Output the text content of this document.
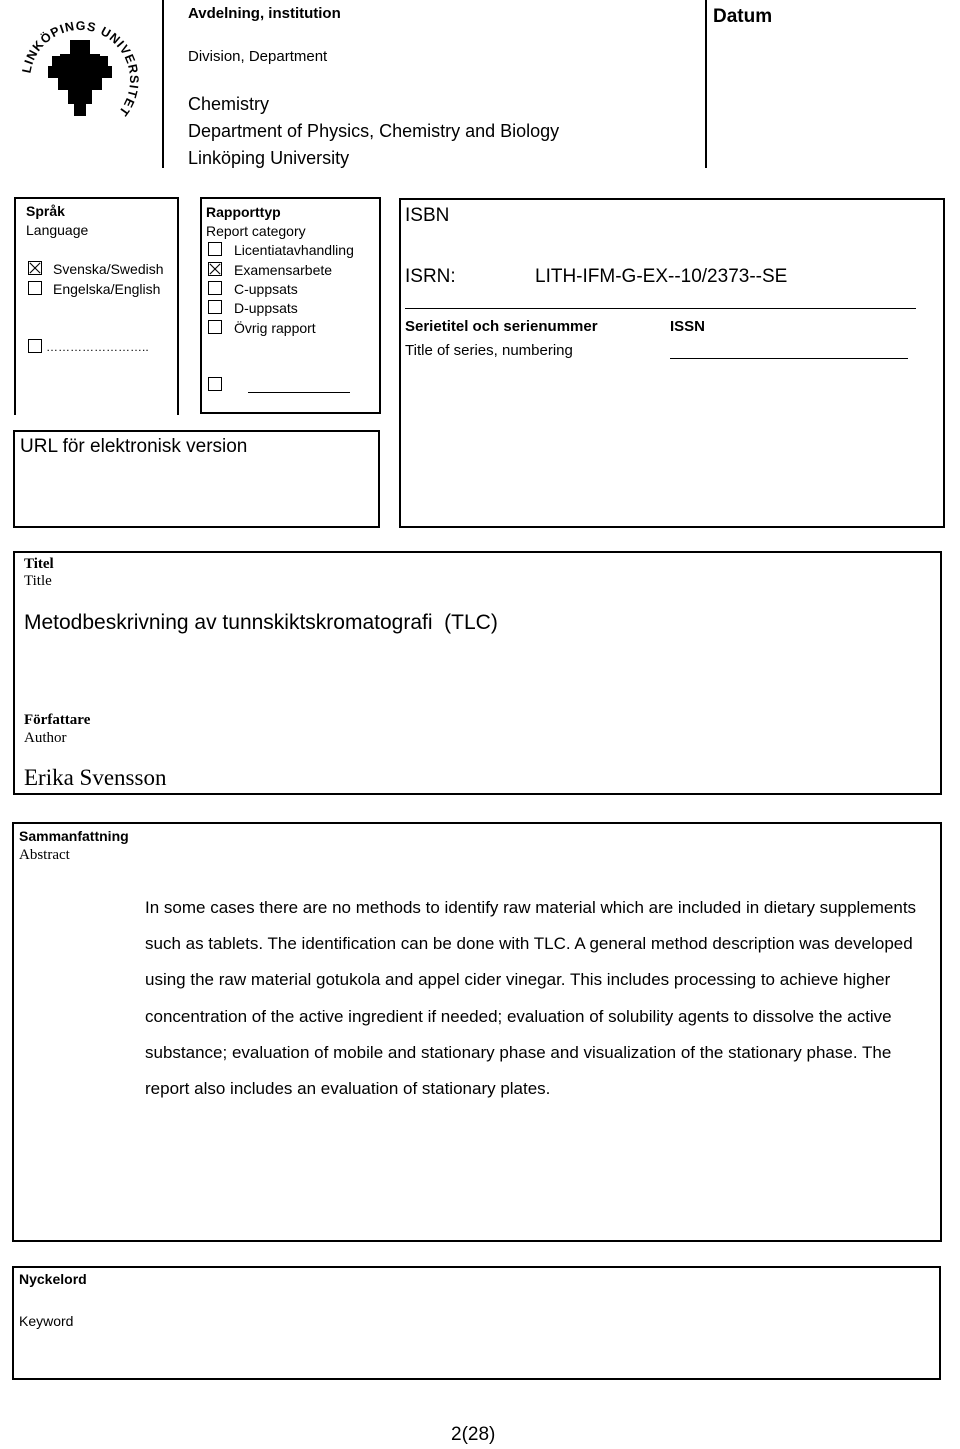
LINKÖPINGS UNIVERSITET
Avdelning, institution
Division, Department
Chemistry
Department of Physics, Chemistry and Biology
Linköping University
Datum
Språk
Language
Svenska/Swedish
Engelska/English
……………………..
Rapporttyp
Report category
Licentiatavhandling
Examensarbete
C-uppsats
D-uppsats
Övrig rapport
ISBN
ISRN:	LITH-IFM-G-EX--10/2373--SE
Serietitel och serienummer
Title of series, numbering
ISSN
URL för elektronisk version
Titel
Title
Metodbeskrivning av tunnskiktskromatografi  (TLC)
Författare
Author
Erika Svensson
Sammanfattning
Abstract
In some cases there are no methods to identify raw material which are included in dietary supplements such as tablets. The identification can be done with TLC. A general method description was developed using the raw material gotukola and appel cider vinegar. This includes processing to achieve higher concentration of the active ingredient if needed; evaluation of solubility agents to dissolve the active substance; evaluation of mobile and stationary phase and visualization of the stationary phase. The report also includes an evaluation of stationary plates.
Nyckelord
Keyword
2(28)
